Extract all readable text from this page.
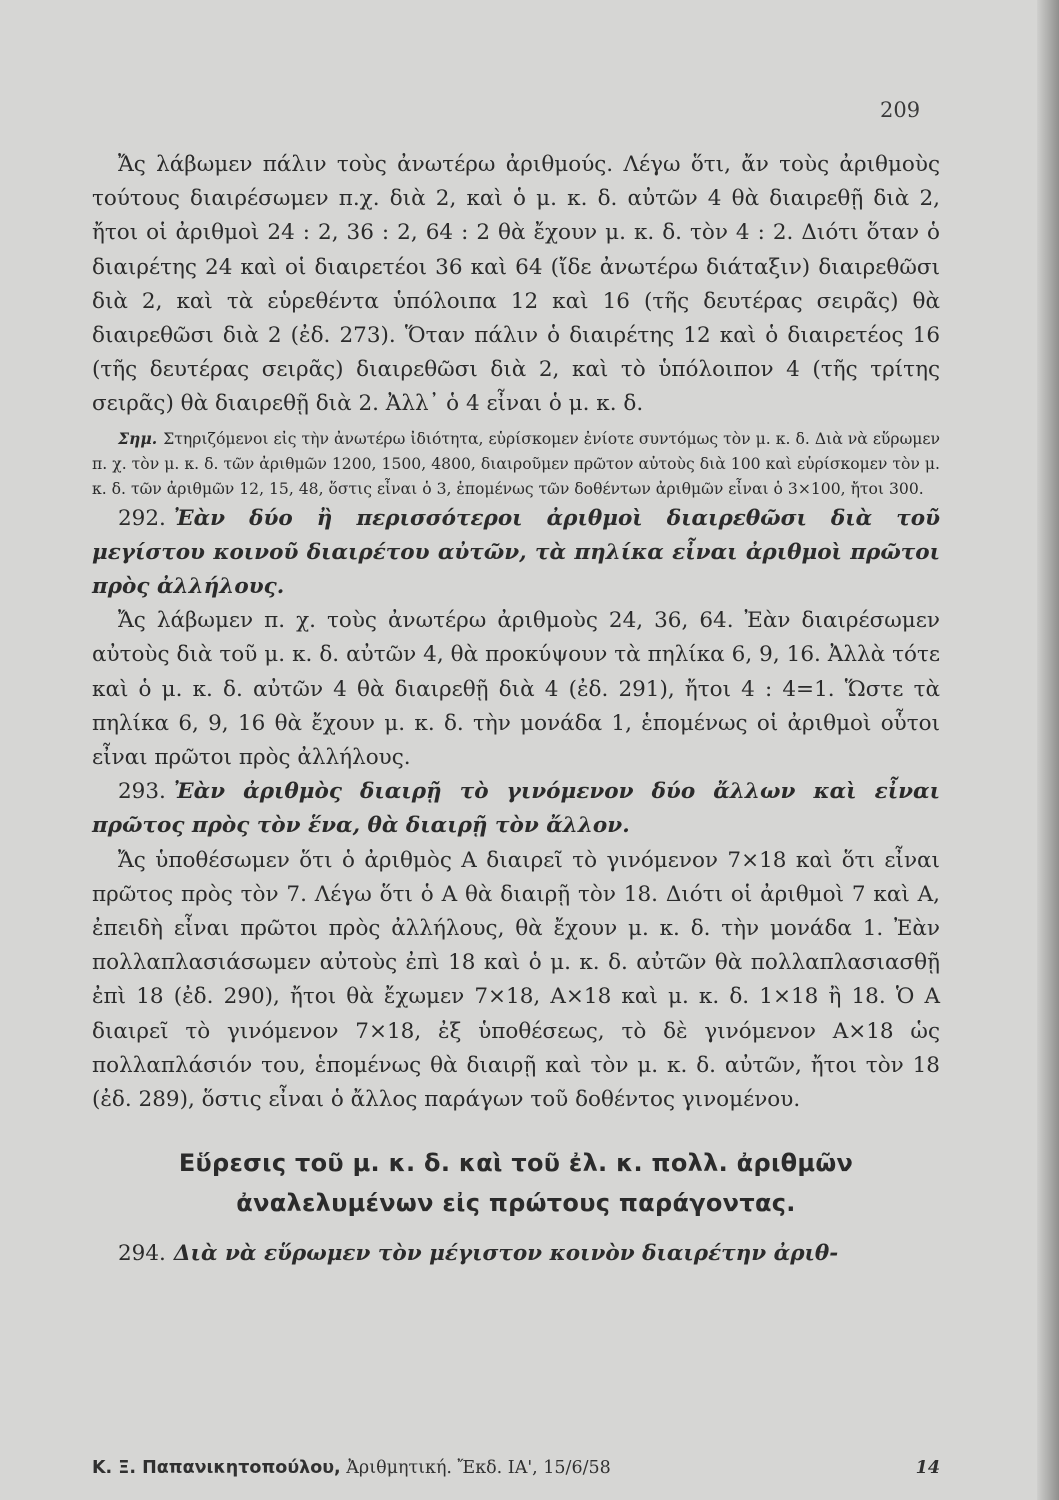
209

Ἄς λάβωμεν πάλιν τοὺς ἀνωτέρω ἀριθμούς. Λέγω ὅτι, ἄν τοὺς ἀριθμοὺς τούτους διαιρέσωμεν π.χ. διὰ 2, καὶ ὁ μ. κ. δ. αὐτῶν 4 θὰ διαιρεθῇ διὰ 2, ἤτοι οἱ ἀριθμοὶ 24 : 2, 36 : 2, 64 : 2 θὰ ἔχουν μ. κ. δ. τὸν 4 : 2. Διότι ὅταν ὁ διαιρέτης 24 καὶ οἱ διαιρετέοι 36 καὶ 64 (ἴδε ἀνωτέρω διάταξιν) διαιρεθῶσι διὰ 2, καὶ τὰ εὑρεθέντα ὑπόλοιπα 12 καὶ 16 (τῆς δευτέρας σειρᾶς) θὰ διαιρεθῶσι διὰ 2 (ἐδ. 273). Ὅταν πάλιν ὁ διαιρέτης 12 καὶ ὁ διαιρετέος 16 (τῆς δευτέρας σειρᾶς) διαιρεθῶσι διὰ 2, καὶ τὸ ὑπόλοιπον 4 (τῆς τρίτης σειρᾶς) θὰ διαιρεθῇ διὰ 2. Ἀλλ᾽ ὁ 4 εἶναι ὁ μ. κ. δ.

Σημ. Στηριζόμενοι εἰς τὴν ἀνωτέρω ἰδιότητα, εὑρίσκομεν ἐνίοτε συντόμως τὸν μ. κ. δ. Διὰ νὰ εὕρωμεν π. χ. τὸν μ. κ. δ. τῶν ἀριθμῶν 1200, 1500, 4800, διαιροῦμεν πρῶτον αὐτοὺς διὰ 100 καὶ εὑρίσκομεν τὸν μ. κ. δ. τῶν ἀριθμῶν 12, 15, 48, ὅστις εἶναι ὁ 3, ἑπομένως τῶν δοθέντων ἀριθμῶν εἶναι ὁ 3×100, ἤτοι 300.

292. Ἐὰν δύο ἢ περισσότεροι ἀριθμοὶ διαιρεθῶσι διὰ τοῦ μεγίστου κοινοῦ διαιρέτου αὐτῶν, τὰ πηλίκα εἶναι ἀριθμοὶ πρῶτοι πρὸς ἀλλήλους.

Ἄς λάβωμεν π. χ. τοὺς ἀνωτέρω ἀριθμοὺς 24, 36, 64. Ἐὰν διαιρέσωμεν αὐτοὺς διὰ τοῦ μ. κ. δ. αὐτῶν 4, θὰ προκύψουν τὰ πηλίκα 6, 9, 16. Ἀλλὰ τότε καὶ ὁ μ. κ. δ. αὐτῶν 4 θὰ διαιρεθῇ διὰ 4 (ἐδ. 291), ἤτοι 4 : 4=1. Ὥστε τὰ πηλίκα 6, 9, 16 θὰ ἔχουν μ. κ. δ. τὴν μονάδα 1, ἑπομένως οἱ ἀριθμοὶ οὗτοι εἶναι πρῶτοι πρὸς ἀλλήλους.

293. Ἐὰν ἀριθμὸς διαιρῇ τὸ γινόμενον δύο ἄλλων καὶ εἶναι πρῶτος πρὸς τὸν ἕνα, θὰ διαιρῇ τὸν ἄλλον.

Ἄς ὑποθέσωμεν ὅτι ὁ ἀριθμὸς Α διαιρεῖ τὸ γινόμενον 7×18 καὶ ὅτι εἶναι πρῶτος πρὸς τὸν 7. Λέγω ὅτι ὁ Α θὰ διαιρῇ τὸν 18. Διότι οἱ ἀριθμοὶ 7 καὶ Α, ἐπειδὴ εἶναι πρῶτοι πρὸς ἀλλήλους, θὰ ἔχουν μ. κ. δ. τὴν μονάδα 1. Ἐὰν πολλαπλασιάσωμεν αὐτοὺς ἐπὶ 18 καὶ ὁ μ. κ. δ. αὐτῶν θὰ πολλαπλασιασθῇ ἐπὶ 18 (ἐδ. 290), ἤτοι θὰ ἔχωμεν 7×18, Α×18 καὶ μ. κ. δ. 1×18 ἢ 18. Ὁ Α διαιρεῖ τὸ γινόμενον 7×18, ἐξ ὑποθέσεως, τὸ δὲ γινόμενον Α×18 ὡς πολλαπλάσιόν του, ἑπομένως θὰ διαιρῇ καὶ τὸν μ. κ. δ. αὐτῶν, ἤτοι τὸν 18 (ἐδ. 289), ὅστις εἶναι ὁ ἄλλος παράγων τοῦ δοθέντος γινομένου.

Εὕρεσις τοῦ μ. κ. δ. καὶ τοῦ ἐλ. κ. πολλ. ἀριθμῶν
ἀναλελυμένων εἰς πρώτους παράγοντας.

294. Διὰ νὰ εὕρωμεν τὸν μέγιστον κοινὸν διαιρέτην ἀριθ-

Κ. Ξ. Παπανικητοπούλου, Ἀριθμητική. Ἔκδ. ΙΑ', 15/6/58	14
